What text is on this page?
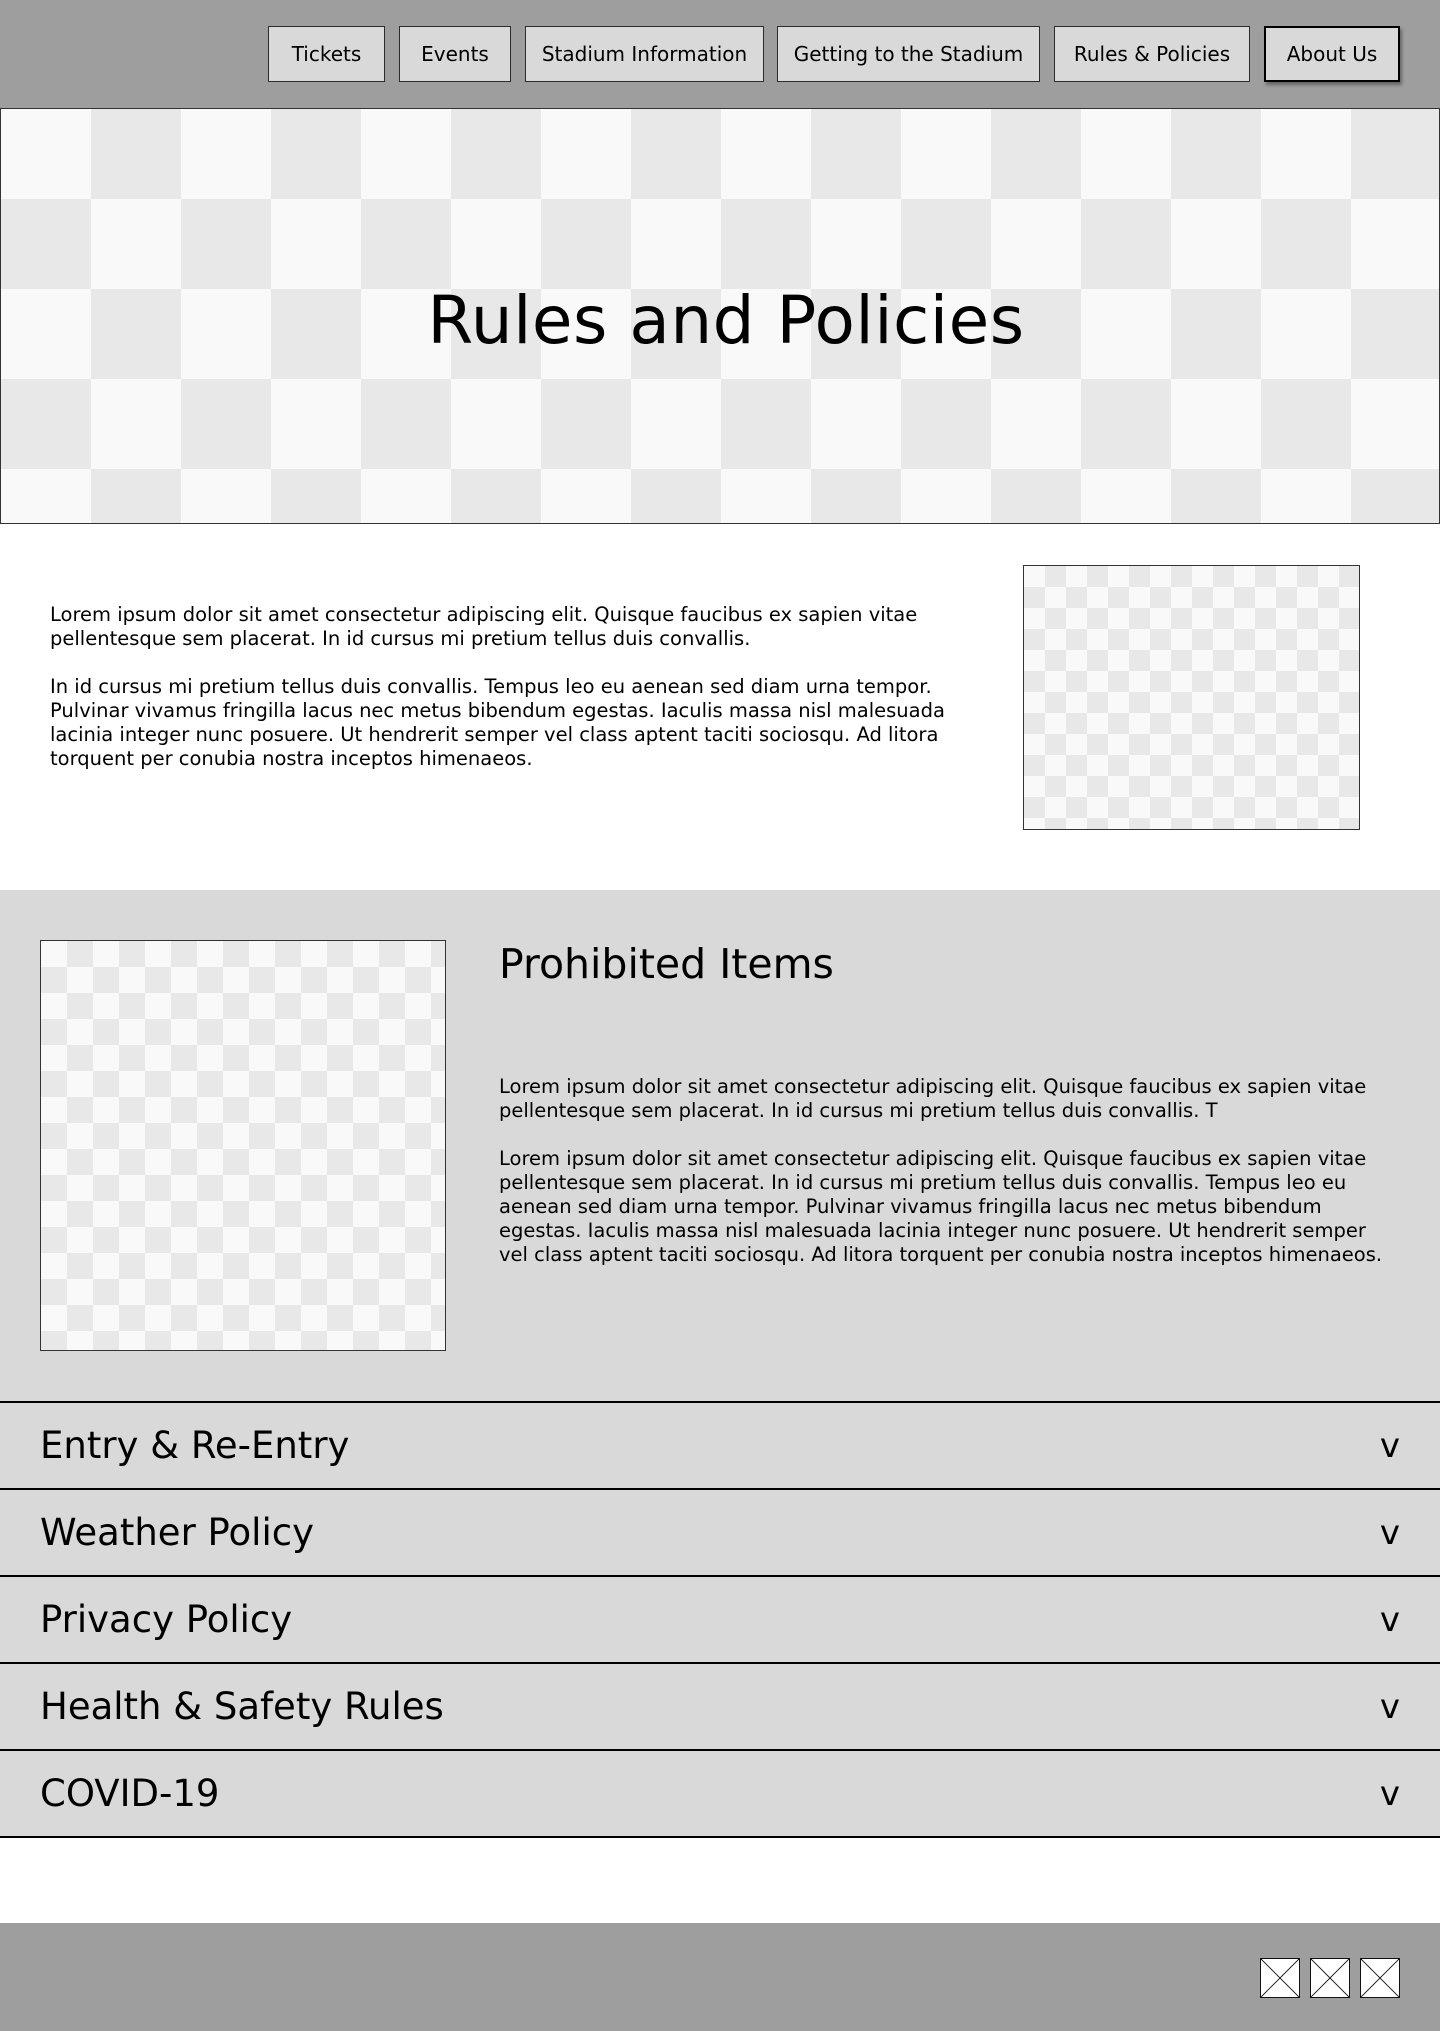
Tickets	Events	Stadium Information	Getting to the Stadium	Rules & Policies	About Us
Rules and Policies

Lorem ipsum dolor sit amet consectetur adipiscing elit. Quisque faucibus ex sapien vitae pellentesque sem placerat. In id cursus mi pretium tellus duis convallis.

In id cursus mi pretium tellus duis convallis. Tempus leo eu aenean sed diam urna tempor. Pulvinar vivamus fringilla lacus nec metus bibendum egestas. Iaculis massa nisl malesuada lacinia integer nunc posuere. Ut hendrerit semper vel class aptent taciti sociosqu. Ad litora torquent per conubia nostra inceptos himenaeos.

Prohibited Items

Lorem ipsum dolor sit amet consectetur adipiscing elit. Quisque faucibus ex sapien vitae pellentesque sem placerat. In id cursus mi pretium tellus duis convallis. T

Lorem ipsum dolor sit amet consectetur adipiscing elit. Quisque faucibus ex sapien vitae pellentesque sem placerat. In id cursus mi pretium tellus duis convallis. Tempus leo eu aenean sed diam urna tempor. Pulvinar vivamus fringilla lacus nec metus bibendum egestas. Iaculis massa nisl malesuada lacinia integer nunc posuere. Ut hendrerit semper vel class aptent taciti sociosqu. Ad litora torquent per conubia nostra inceptos himenaeos.

Entry & Re-Entry	v
Weather Policy	v
Privacy Policy	v
Health & Safety Rules	v
COVID-19	v
